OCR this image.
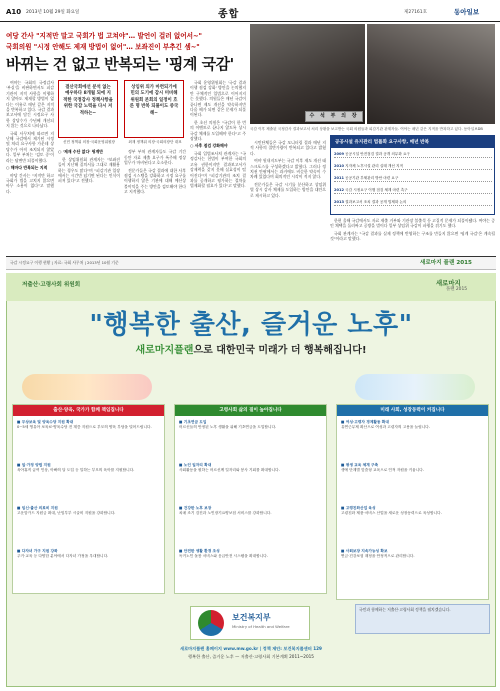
A10 2013년 10월 29일 화요일	종합	제27161호	동아일보
여당 간사 "지적만 말고 국회가 법 고쳐야"… 발언이 걸러 없어서~"
국회의원 "시정 안해도 제재 방법이 없어"… 보좌진이 부추긴 셈~"
바뀌는 건 없고 반복되는 '핑계 국감'

여야는 국회의 국정감사 '부실'을 비판하면서도 피감기관이 지적 사항을 이행하지 않아도 제재할 방법이 없다는 이유로 매년 같은 지적을 반복하고 있다. 국감 결과보고서에 담긴 시정요구 사항 상당수가 수년째 개선되지 않는 것으로 나타났다.

국회 사무처에 따르면 지난해 국감에서 제기된 시정 및 처리 요구사항 가운데 상당수가 아직 조치되지 않았다. 일부 부처는 '검토 중'이라는 답변만 되풀이했다.

○ 해마다 반복되는 지적

야당 간사는 "지적만 하고 국회가 법을 고치지 않으면 아무 소용이 없다"고 말했다.

결산국회에선 분석 없는 예우하다 8개월 되에 지적한 국정감사 정책사항을 위한 국감 노력을 다시 저적하는~
신민 정책위 의장·국회운영위원장

○ '제재 수단 없다' 핑계만

한 상임위원회 관계자는 "보좌진들이 지난해 질의서를 그대로 재활용하는 경우도 많다"며 "피감기관 입장에서는 시간만 넘기면 된다는 인식이 퍼져 있다"고 전했다.

상임위 의가 마련되기에 민의 도기에 감시 미비해 위원회 본회의 일정이 흐른 명 반복 되풀이도 중국해~
최재 정책위 의장·국회의장단 대표

정부 부처 관계자들도 국감 기간 동안 자료 제출 요구가 폭주해 정상 업무가 마비된다고 호소한다.

전문가들은 국감 결과에 대한 사후 점검 시스템을 강화하고 시정 요구를 이행하지 않은 기관에 대해 예산상 불이익을 주는 방안을 검토해야 한다고 지적했다.

국회 운영위원회는 '국감 결과 이행 점검 강화' 방안을 논의했지만 구체적인 입법으로 이어지지는 못했다. 의원들은 매년 국감이 끝나면 제도 개선을 약속하지만 다음 해가 되면 같은 문제가 되풀이된다.

한 초선 의원은 "국감이 한 번의 이벤트로 끝나지 않도록 상시 국감 체제를 도입해야 한다"고 주장했다.

○ 사후 점검 강화해야

국회 입법조사처 관계자는 "국정감사는 헌법이 부여한 국회의 고유 권한이지만 결과보고서가 강제력을 갖지 못해 실효성이 떨어진다"며 "피감기관의 조치 결과를 공개하고 평가하는 절차를 법제화할 필요가 있다"고 말했다.

시민단체들은 국감 모니터링 결과 매년 지적 사항의 절반가량이 반복되고 있다고 밝혔다.

여야 원내지도부는 국감 이후 제도 개선 태스크포스를 구성하겠다고 밝혔다. 그러나 정치권 안팎에서는 과거에도 비슷한 약속이 수차례 있었다며 회의적인 시각이 적지 않다.

전문가들은 국감 시기를 분산하고 상임위별 상시 감사 체제를 도입하는 방안을 대안으로 제시하고 있다.

한편 올해 국감에서도 자료 제출 거부와 기관장 불출석 등 고질적 문제가 되풀이됐다. 여야는 증인 채택을 둘러싸고 공방을 벌이다 일부 상임위 국감이 파행을 겪기도 했다.

국회 관계자는 "국감 결과를 실제 정책에 반영하는 구조를 만들지 않으면 '핑계 국감'은 계속될 것"이라고 말했다.

수 석 부 의 장
국감 이후 제출된 국정감사 결과보고서 처리 상황을 보고받는 국회 의원들과 피감기관 관계자들. 여야는 매년 같은 지적을 반복하고 있다. 동아일보DB
공공시설 유지관리 법률화 요구사항, 매년 반복
2009 공공시설 안전점검 결과 공개 의무화 요구
2010 지자체 노후시설 관리 실태 개선 지적
2011 공공기관 부채관리 방안 마련 요구
2012 국감 시정요구 이행 점검 체계 마련 촉구
2013 결과보고서 조치 결과 공개 법제화 논의
국감 시정요구 이행 현황 | 자료: 국회 사무처 | 2013년 10월 기준	새로마지 플랜 2015
저출산·고령사회 위원회	새로마지
플랜 2015
"행복한 출산, 즐거운 노후"
새로마지플랜으로 대한민국 미래가 더 행복해집니다!
출산·양육, 국가가 함께 책임집니다
■ 무상보육 및 양육수당 지원 확대
0~5세 영유아 보육료·양육수당 전 계층 지원으로 부모의 양육 부담을 덜어드립니다.
■ 일·가정 양립 지원
육아휴직 급여 인상, 아빠의 달 도입 등 일하는 부모의 육아를 지원합니다.
■ 임신·출산 의료비 지원
고운맘카드 지원금 확대, 난임부부 시술비 지원을 강화합니다.
■ 다자녀 가구 지원 강화
주거·교육 등 다양한 분야에서 다자녀 가정을 우대합니다.
고령사회 삶의 질이 높아집니다
■ 기초연금 도입
어르신들의 안정된 노후 생활을 위해 기초연금을 도입합니다.
■ 노인 일자리 확대
사회활동을 원하는 어르신께 일자리와 봉사 기회를 확대합니다.
■ 건강한 노후 보장
치매 조기 검진과 노인장기요양보험 서비스를 강화합니다.
■ 안전한 생활 환경 조성
독거노인 돌봄 서비스와 응급안전 시스템을 확대합니다.
미래 사회, 성장동력이 커집니다
■ 여성·고령자 경제활동 확대
유연근무제 확산으로 여성과 고령자의 고용을 늘립니다.
■ 평생 교육 체계 구축
생애 단계별 맞춤형 교육으로 인적 자원을 키웁니다.
■ 고령친화산업 육성
고령친화 제품·서비스 산업을 새로운 성장동력으로 육성합니다.
■ 사회보장 지속가능성 확보
연금·건강보험 재정을 안정적으로 관리합니다.
보건복지부
Ministry of Health and Welfare
국민과 함께하는 저출산·고령사회 정책을 펼치겠습니다.
새로마지플랜 홈페이지 www.mw.go.kr | 정책 제안: 보건복지콜센터 129
행복한 출산, 즐거운 노후 — 저출산·고령사회 기본계획 2011~2015
